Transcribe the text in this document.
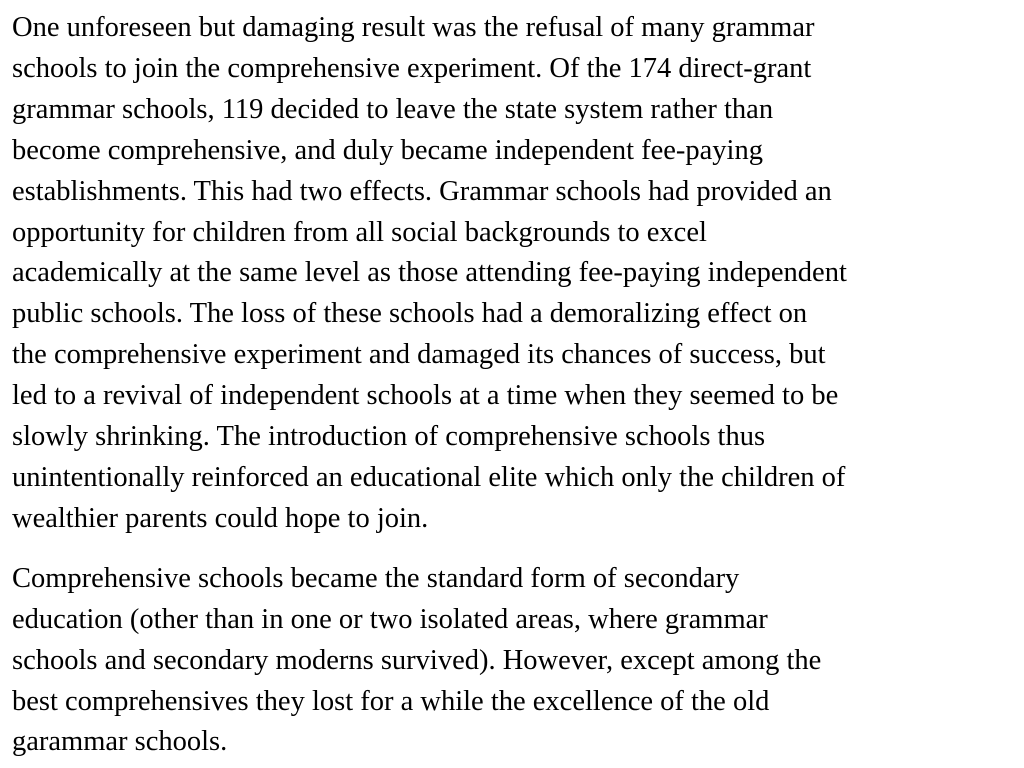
One unforeseen but damaging result was the refusal of many grammar
schools to join the comprehensive experiment. Of the 174 direct-grant
grammar schools, 119 decided to leave the state system rather than
become comprehensive, and duly became independent fee-paying
establishments. This had two effects. Grammar schools had provided an
opportunity for children from all social backgrounds to excel
academically at the same level as those attending fee-paying independent
public schools. The loss of these schools had a demoralizing effect on
the comprehensive experiment and damaged its chances of success, but
led to a revival of independent schools at a time when they seemed to be
slowly shrinking. The introduction of comprehensive schools thus
unintentionally reinforced an educational elite which only the children of
wealthier parents could hope to join.

Comprehensive schools became the standard form of secondary
education (other than in one or two isolated areas, where grammar
schools and secondary moderns survived). However, except among the
best comprehensives they lost for a while the excellence of the old
garammar schools.
